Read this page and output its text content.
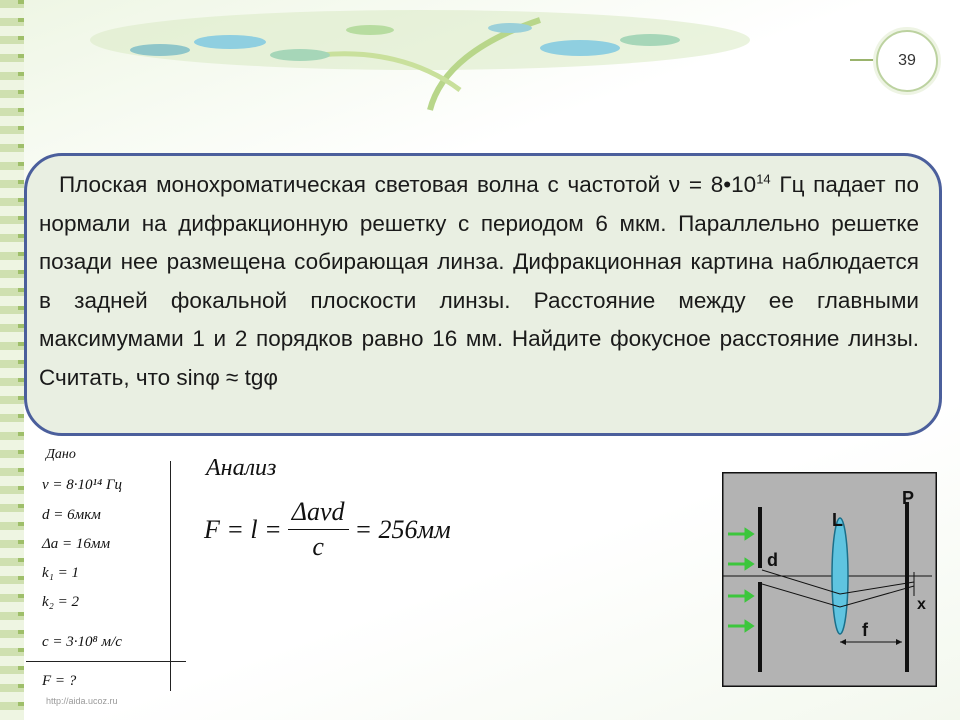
39

Плоская монохроматическая световая волна с частотой $\nu = 8•10^{14}$ Гц падает по нормали на дифракционную решетку с периодом 6 мкм. Параллельно решетке позади нее размещена собирающая линза. Дифракционная картина наблюдается в задней фокальной плоскости линзы. Расстояние между ее главными максимумами 1 и 2 порядков равно 16 мм. Найдите фокусное расстояние линзы. Считать, что sinφ ≈ tgφ

Дано
ν = 8·10¹⁴ Гц
d = 6мкм
Δa = 16мм
k₁ = 1
k₂ = 2
c = 3·10⁸ м/с
F = ?
Анализ
$F = l = \frac{\text{Δaνd}}{c} = 256мм$
d
L
P
f
x
http://aida.ucoz.ru
